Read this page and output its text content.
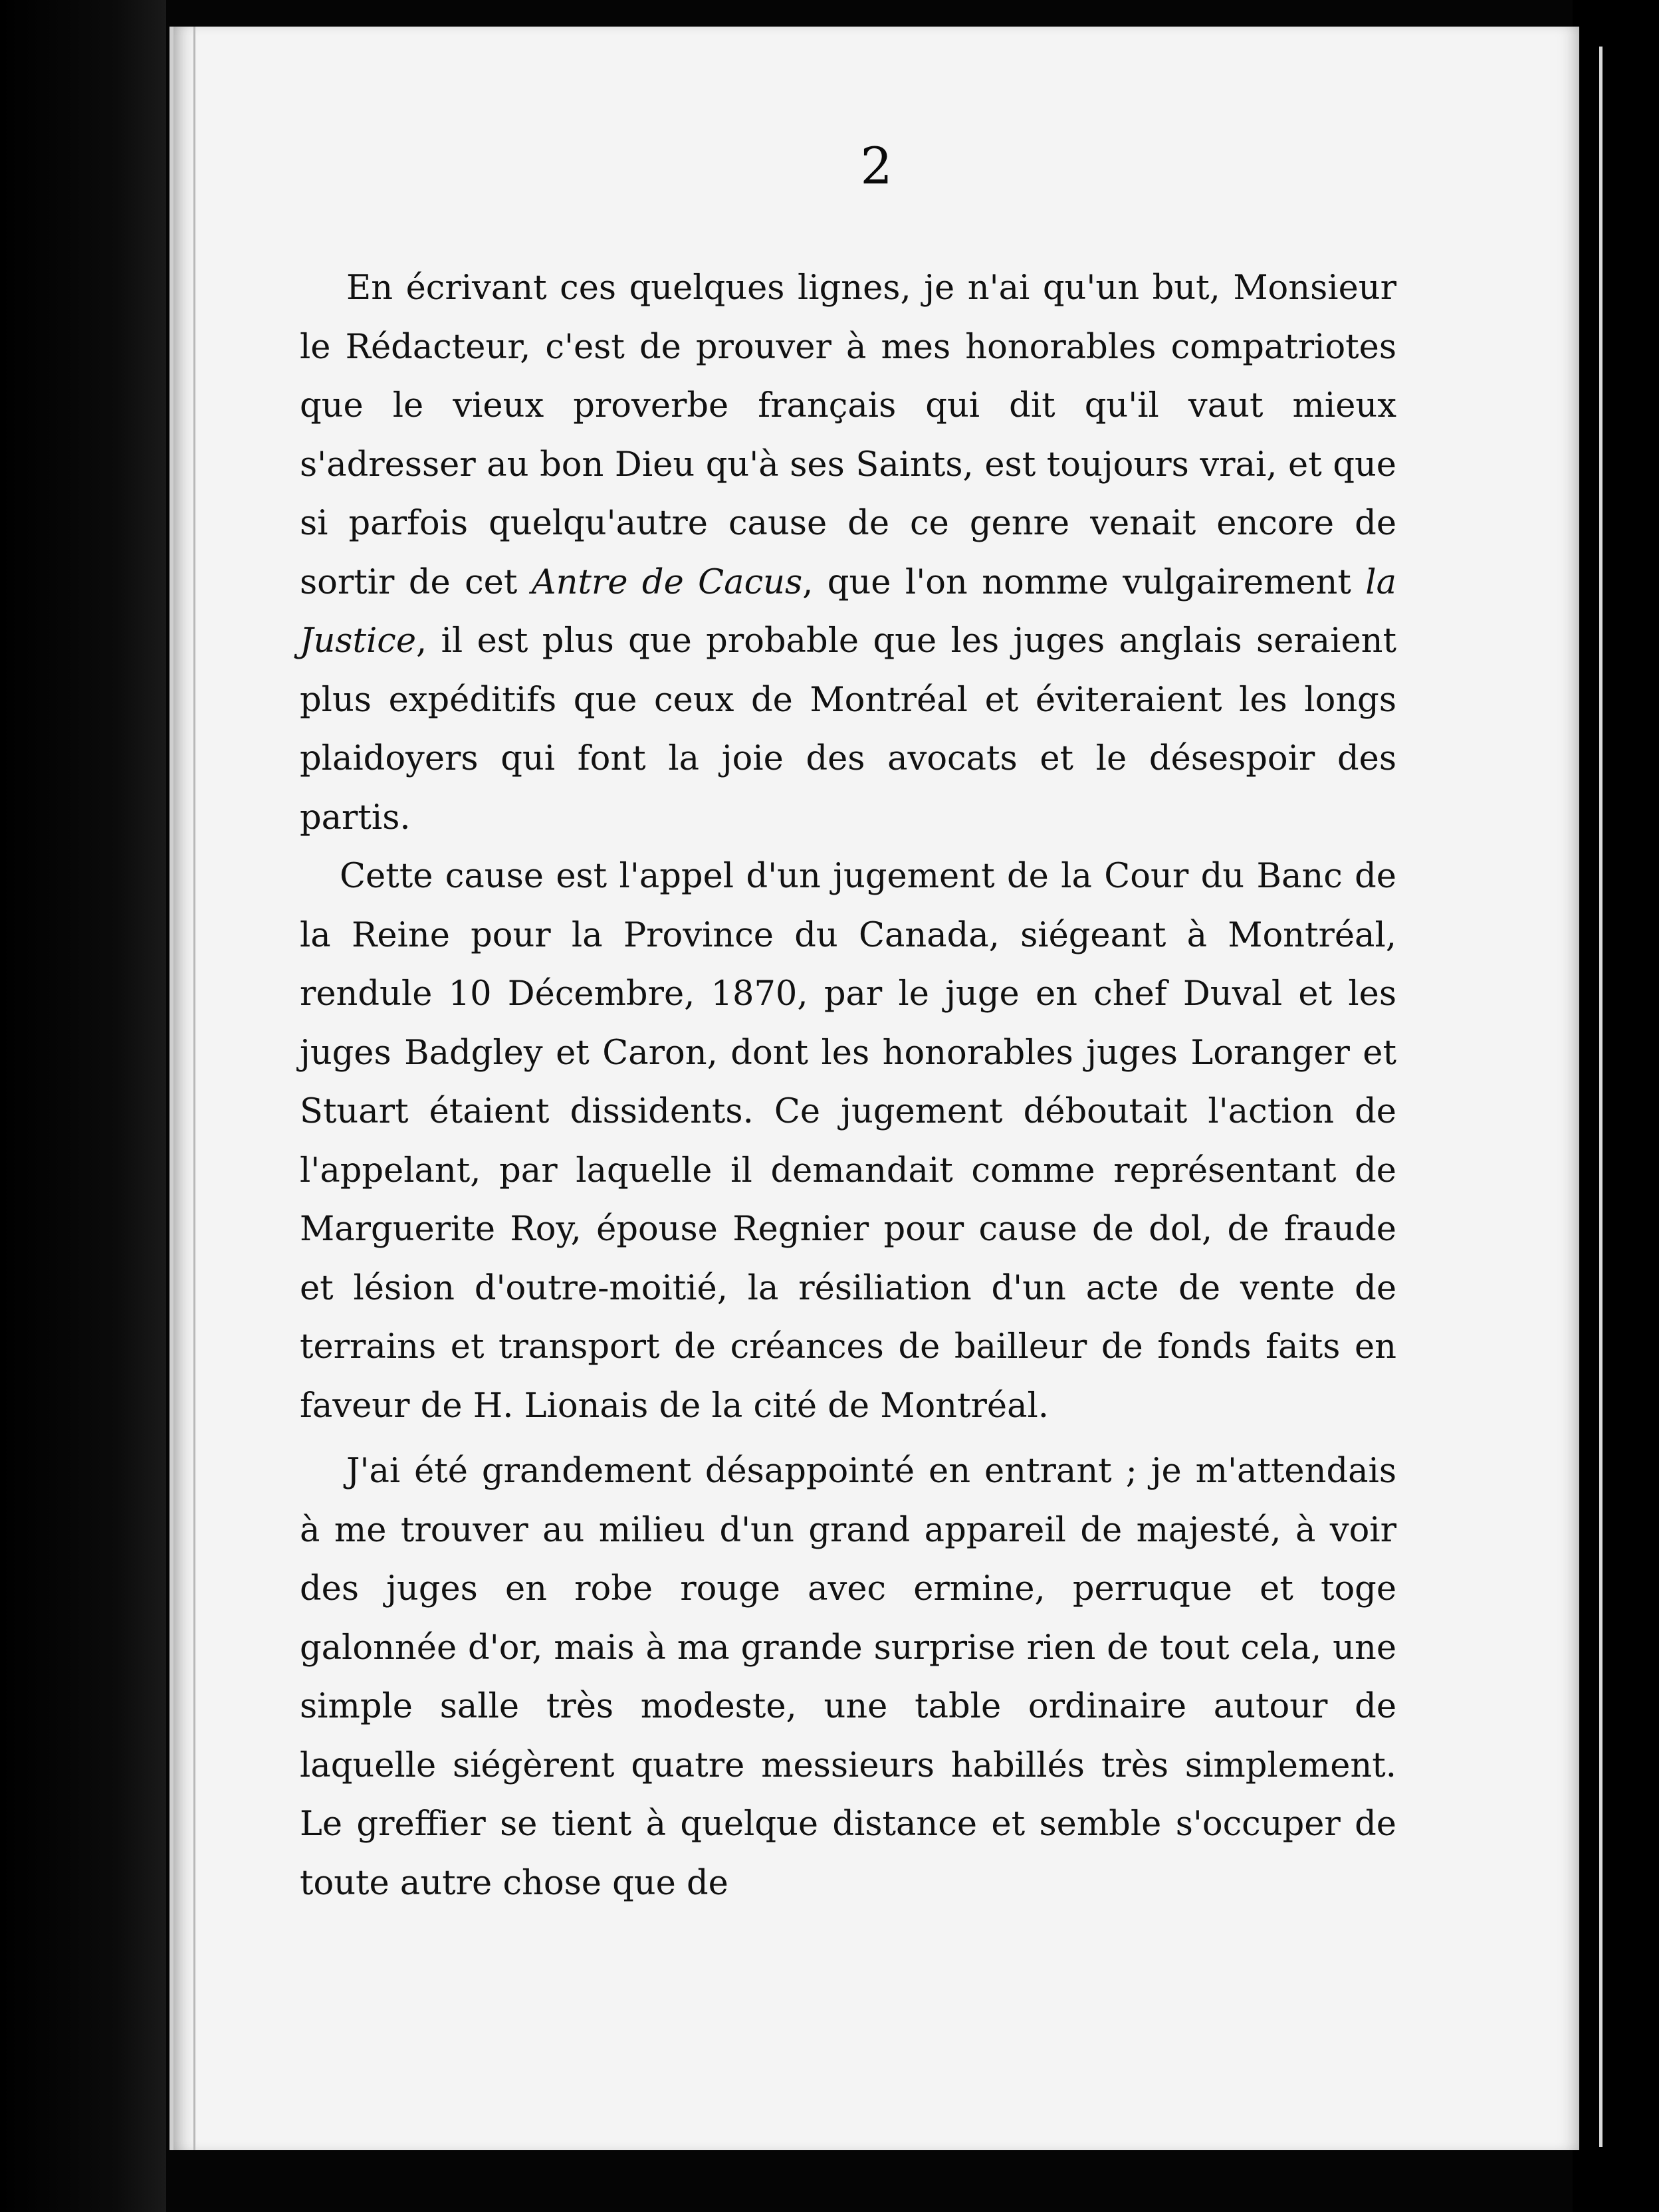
2

En écrivant ces quelques lignes, je n'ai qu'un but, Monsieur le Rédacteur, c'est de prouver à mes honorables compatriotes que le vieux proverbe français qui dit qu'il vaut mieux s'adresser au bon Dieu qu'à ses Saints, est toujours vrai, et que si parfois quelqu'autre cause de ce genre venait encore de sortir de cet Antre de Cacus, que l'on nomme vulgairement la Justice, il est plus que probable que les juges anglais seraient plus expéditifs que ceux de Montréal et éviteraient les longs plaidoyers qui font la joie des avocats et le désespoir des partis.

Cette cause est l'appel d'un jugement de la Cour du Banc de la Reine pour la Province du Canada, siégeant à Montréal, rendule 10 Décembre, 1870, par le juge en chef Duval et les juges Badgley et Caron, dont les honorables juges Loranger et Stuart étaient dissidents. Ce jugement déboutait l'action de l'appelant, par laquelle il demandait comme représentant de Marguerite Roy, épouse Regnier pour cause de dol, de fraude et lésion d'outre-moitié, la résiliation d'un acte de vente de terrains et transport de créances de bailleur de fonds faits en faveur de H. Lionais de la cité de Montréal.

J'ai été grandement désappointé en entrant ; je m'attendais à me trouver au milieu d'un grand appareil de majesté, à voir des juges en robe rouge avec ermine, perruque et toge galonnée d'or, mais à ma grande surprise rien de tout cela, une simple salle très modeste, une table ordinaire autour de laquelle siégèrent quatre messieurs habillés très simplement. Le greffier se tient à quelque distance et semble s'occuper de toute autre chose que de
